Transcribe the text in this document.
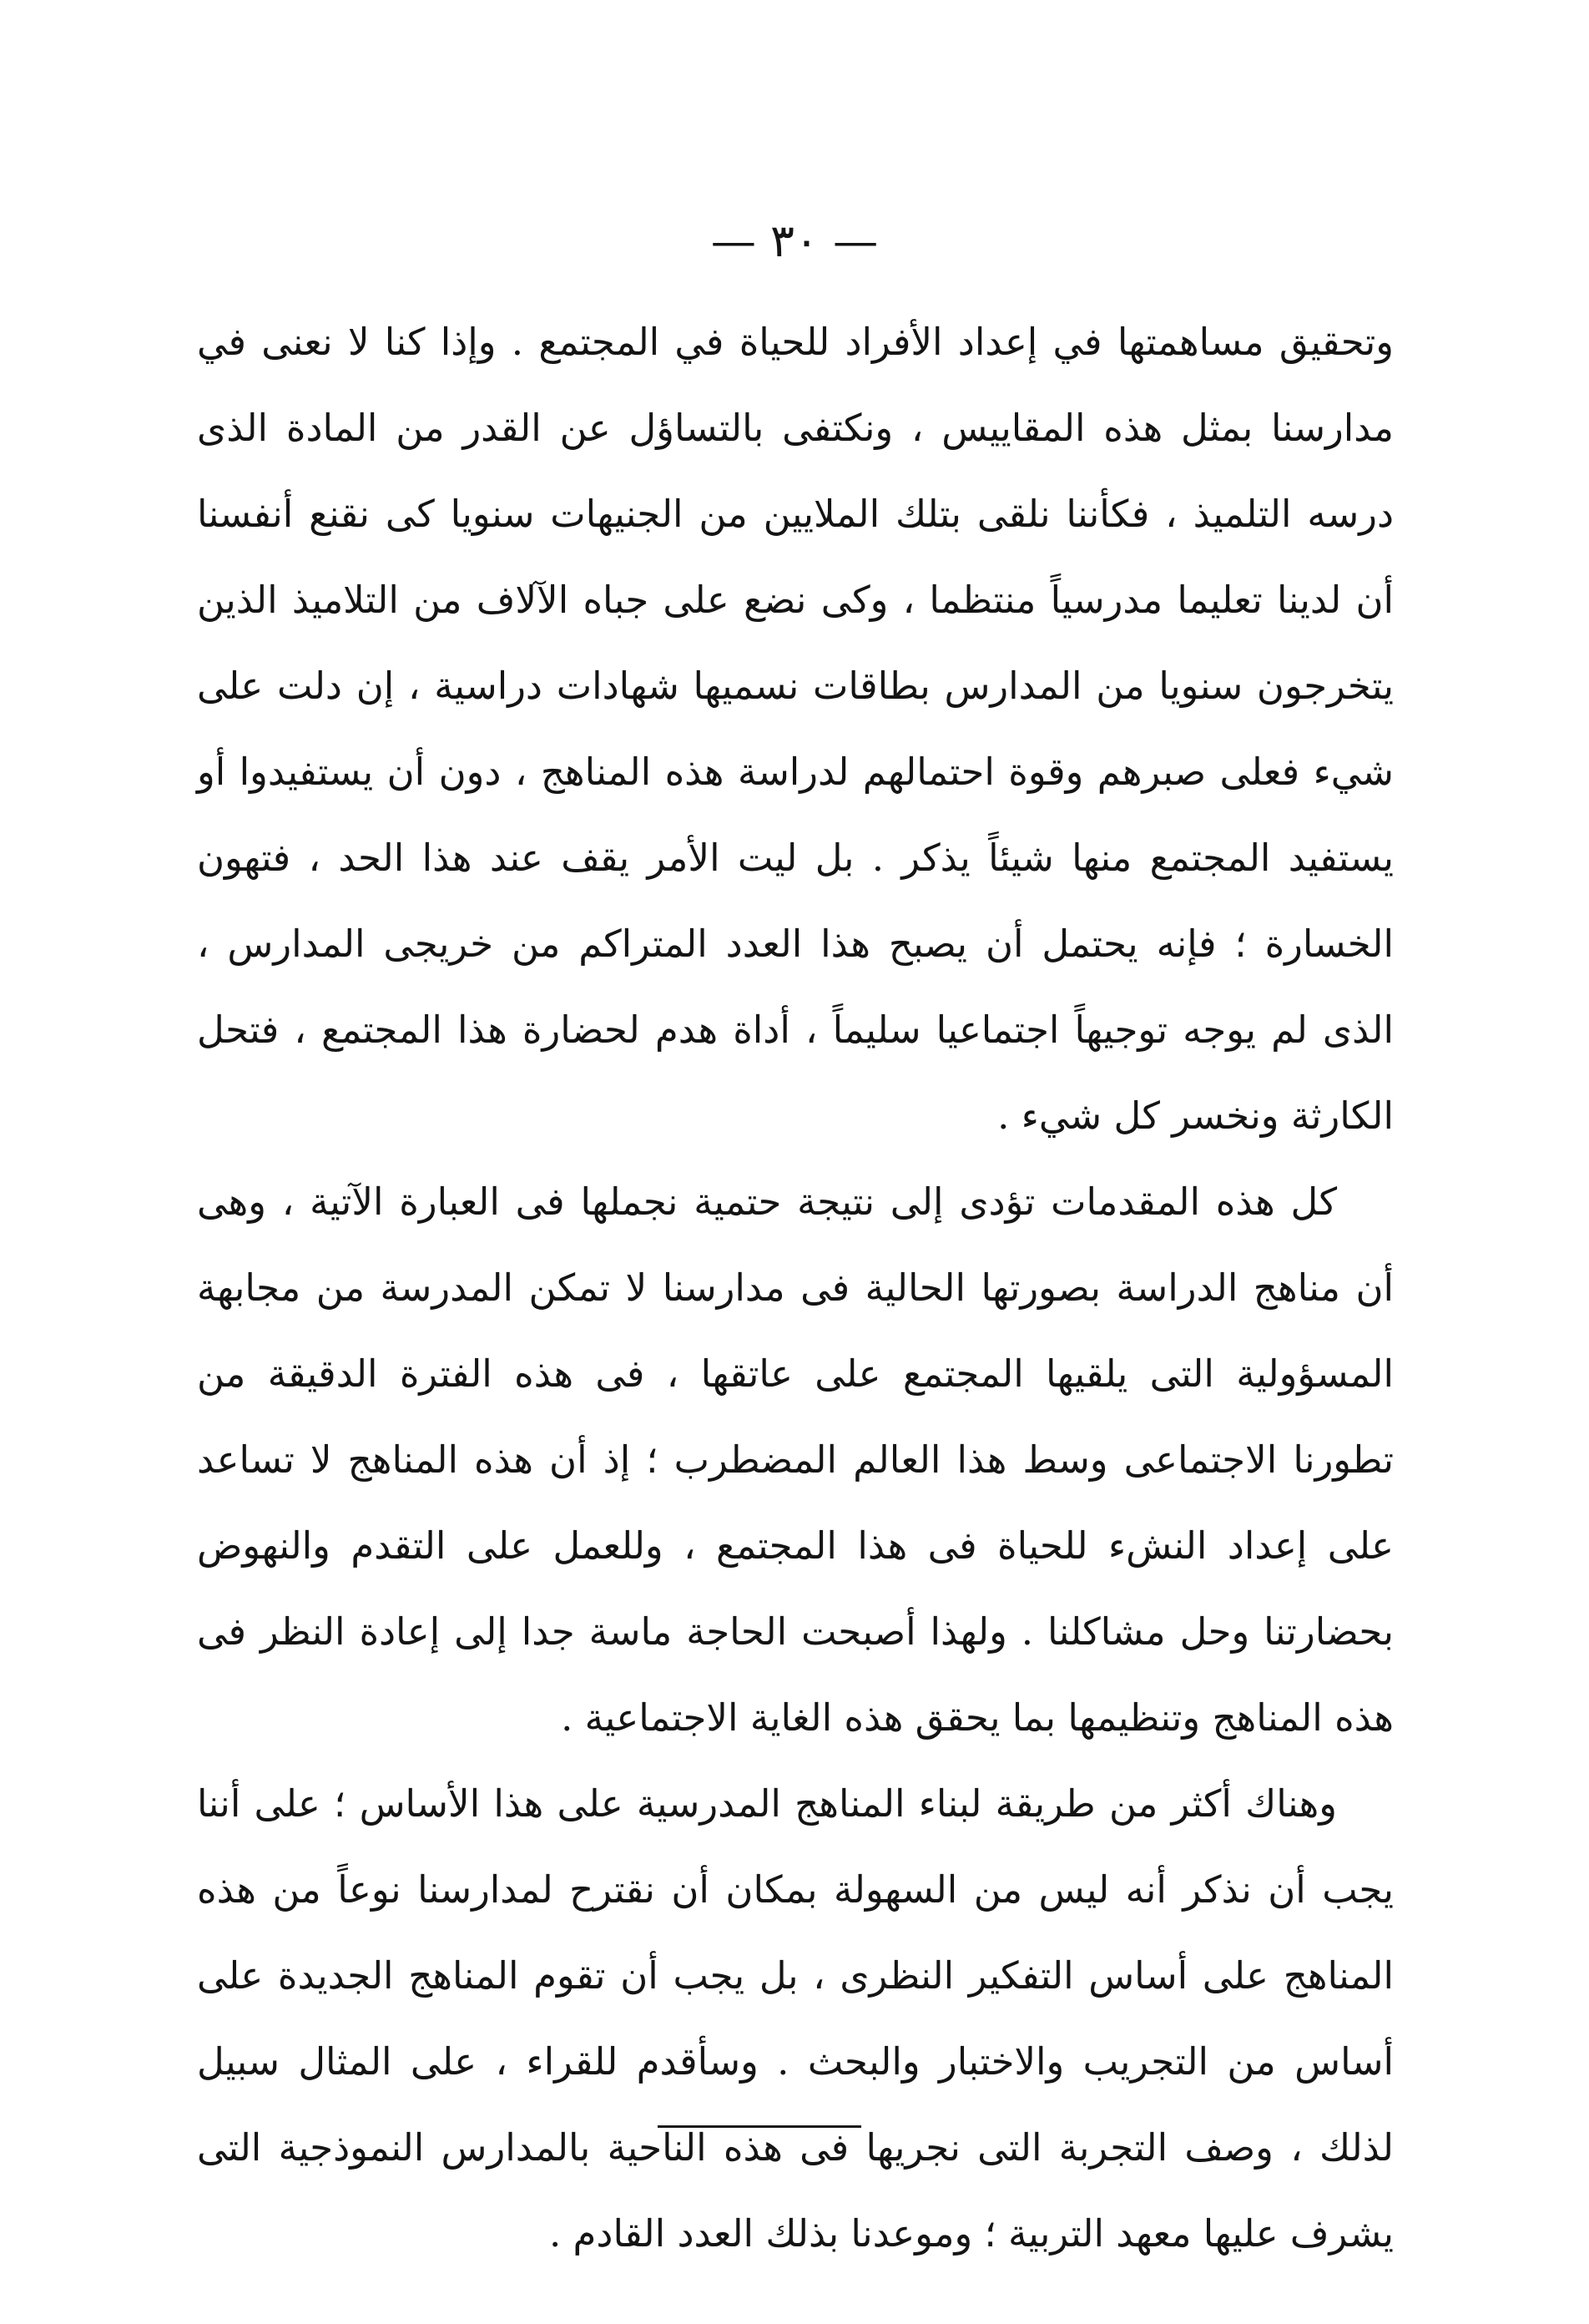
— ٣٠ —

وتحقيق مساهمتها في إعداد الأفراد للحياة في المجتمع . وإذا كنا لا نعنى في مدارسنا بمثل هذه المقاييس ، ونكتفى بالتساؤل عن القدر من المادة الذى درسه التلميذ ، فكأننا نلقى بتلك الملايين من الجنيهات سنويا كى نقنع أنفسنا أن لدينا تعليما مدرسياً منتظما ، وكى نضع على جباه الآلاف من التلاميذ الذين يتخرجون سنويا من المدارس بطاقات نسميها شهادات دراسية ، إن دلت على شيء فعلى صبرهم وقوة احتمالهم لدراسة هذه المناهج ، دون أن يستفيدوا أو يستفيد المجتمع منها شيئاً يذكر . بل ليت الأمر يقف عند هذا الحد ، فتهون الخسارة ؛ فإنه يحتمل أن يصبح هذا العدد المتراكم من خريجى المدارس ، الذى لم يوجه توجيهاً اجتماعيا سليماً ، أداة هدم لحضارة هذا المجتمع ، فتحل الكارثة ونخسر كل شيء .

كل هذه المقدمات تؤدى إلى نتيجة حتمية نجملها فى العبارة الآتية ، وهى أن مناهج الدراسة بصورتها الحالية فى مدارسنا لا تمكن المدرسة من مجابهة المسؤولية التى يلقيها المجتمع على عاتقها ، فى هذه الفترة الدقيقة من تطورنا الاجتماعى وسط هذا العالم المضطرب ؛ إذ أن هذه المناهج لا تساعد على إعداد النشء للحياة فى هذا المجتمع ، وللعمل على التقدم والنهوض بحضارتنا وحل مشاكلنا . ولهذا أصبحت الحاجة ماسة جدا إلى إعادة النظر فى هذه المناهج وتنظيمها بما يحقق هذه الغاية الاجتماعية .

وهناك أكثر من طريقة لبناء المناهج المدرسية على هذا الأساس ؛ على أننا يجب أن نذكر أنه ليس من السهولة بمكان أن نقترح لمدارسنا نوعاً من هذه المناهج على أساس التفكير النظرى ، بل يجب أن تقوم المناهج الجديدة على أساس من التجريب والاختبار والبحث . وسأقدم للقراء ، على المثال سبيل لذلك ، وصف التجربة التى نجريها فى هذه الناحية بالمدارس النموذجية التى يشرف عليها معهد التربية ؛ وموعدنا بذلك العدد القادم .
